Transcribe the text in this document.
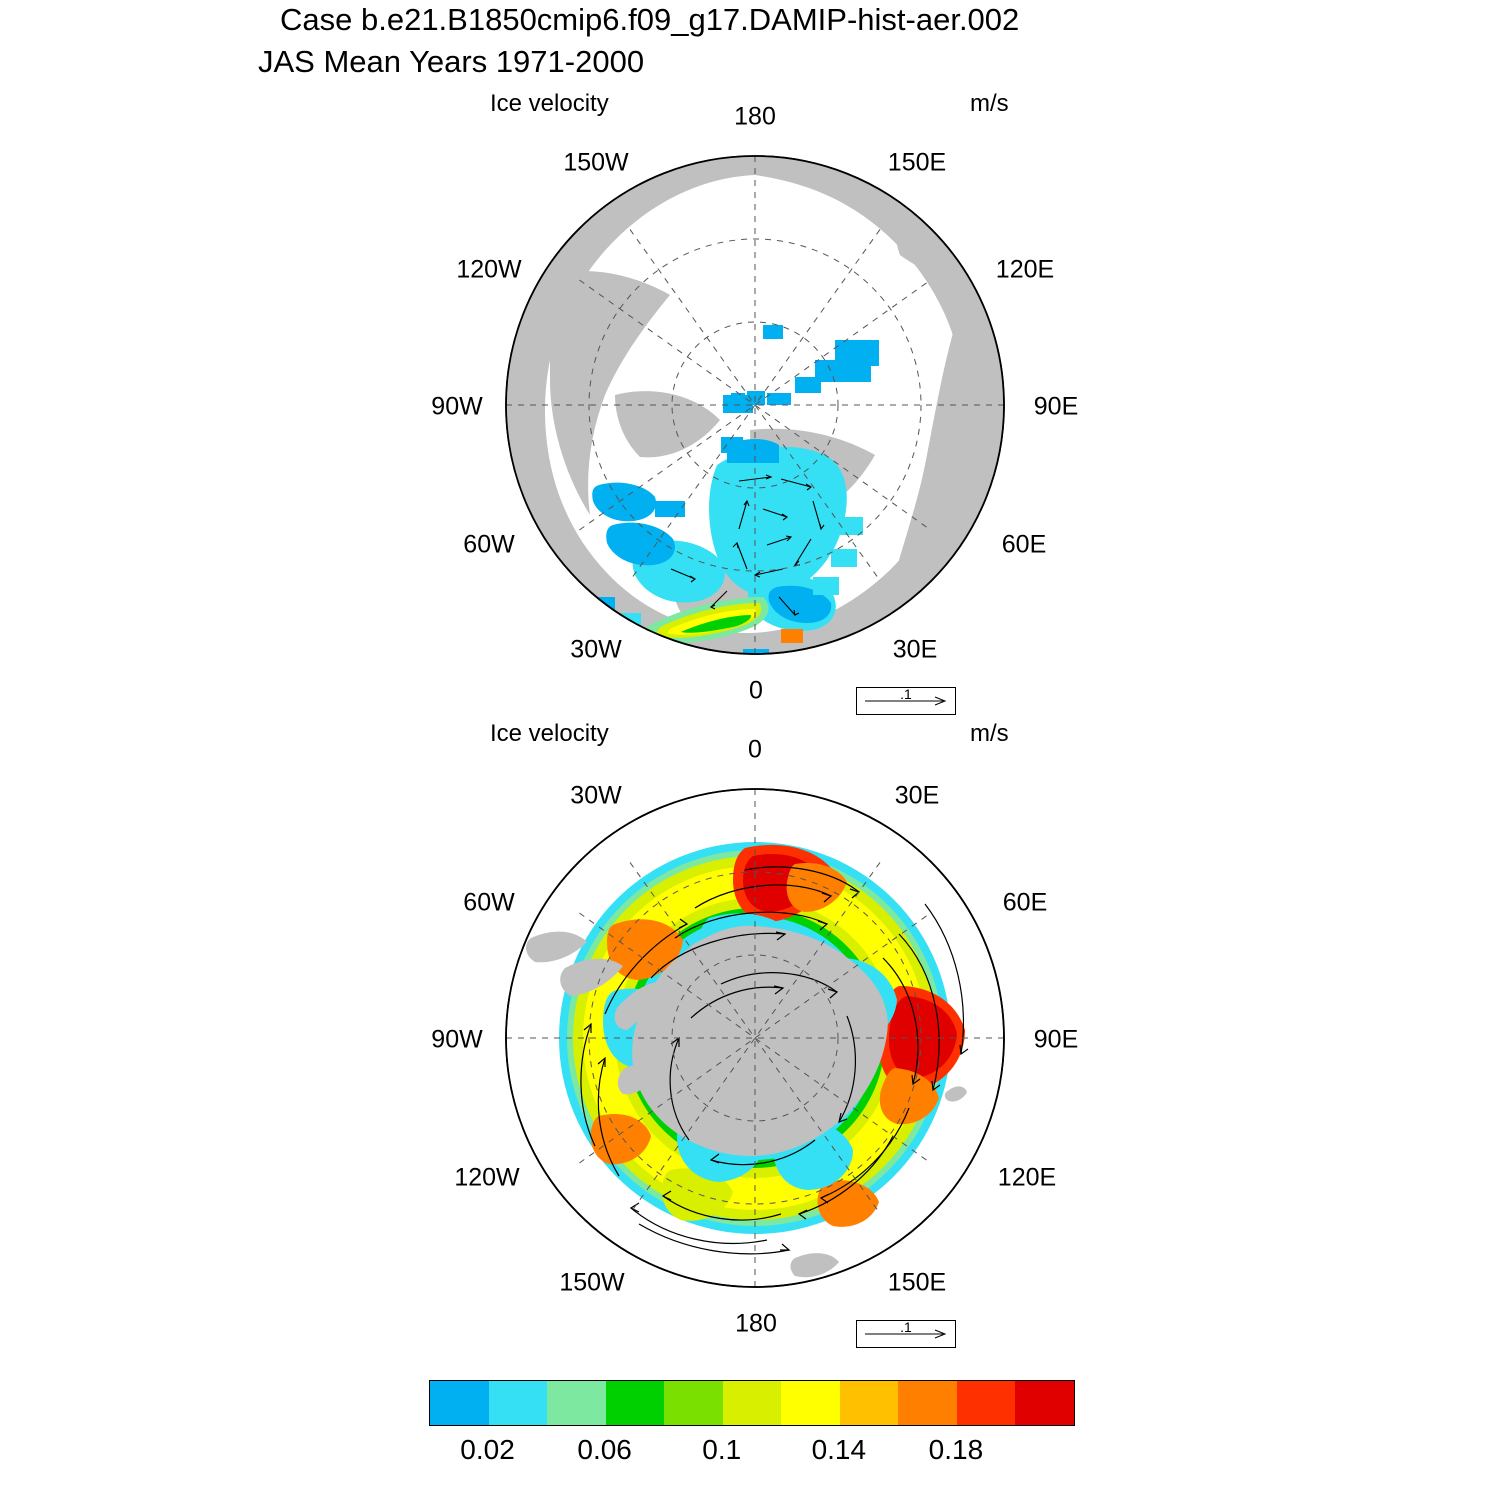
Case b.e21.B1850cmip6.f09_g17.DAMIP-hist-aer.002
JAS Mean Years 1971-2000
Ice velocity	m/s
180
150E
120E
90E
60E
30E
0
30W
60W
90W
120W
150W
.1
Ice velocity	m/s
0
30E
60E
90E
120E
150E
180
150W
120W
90W
60W
30W
.1
0.02 0.06	0.1	0.14 0.18
